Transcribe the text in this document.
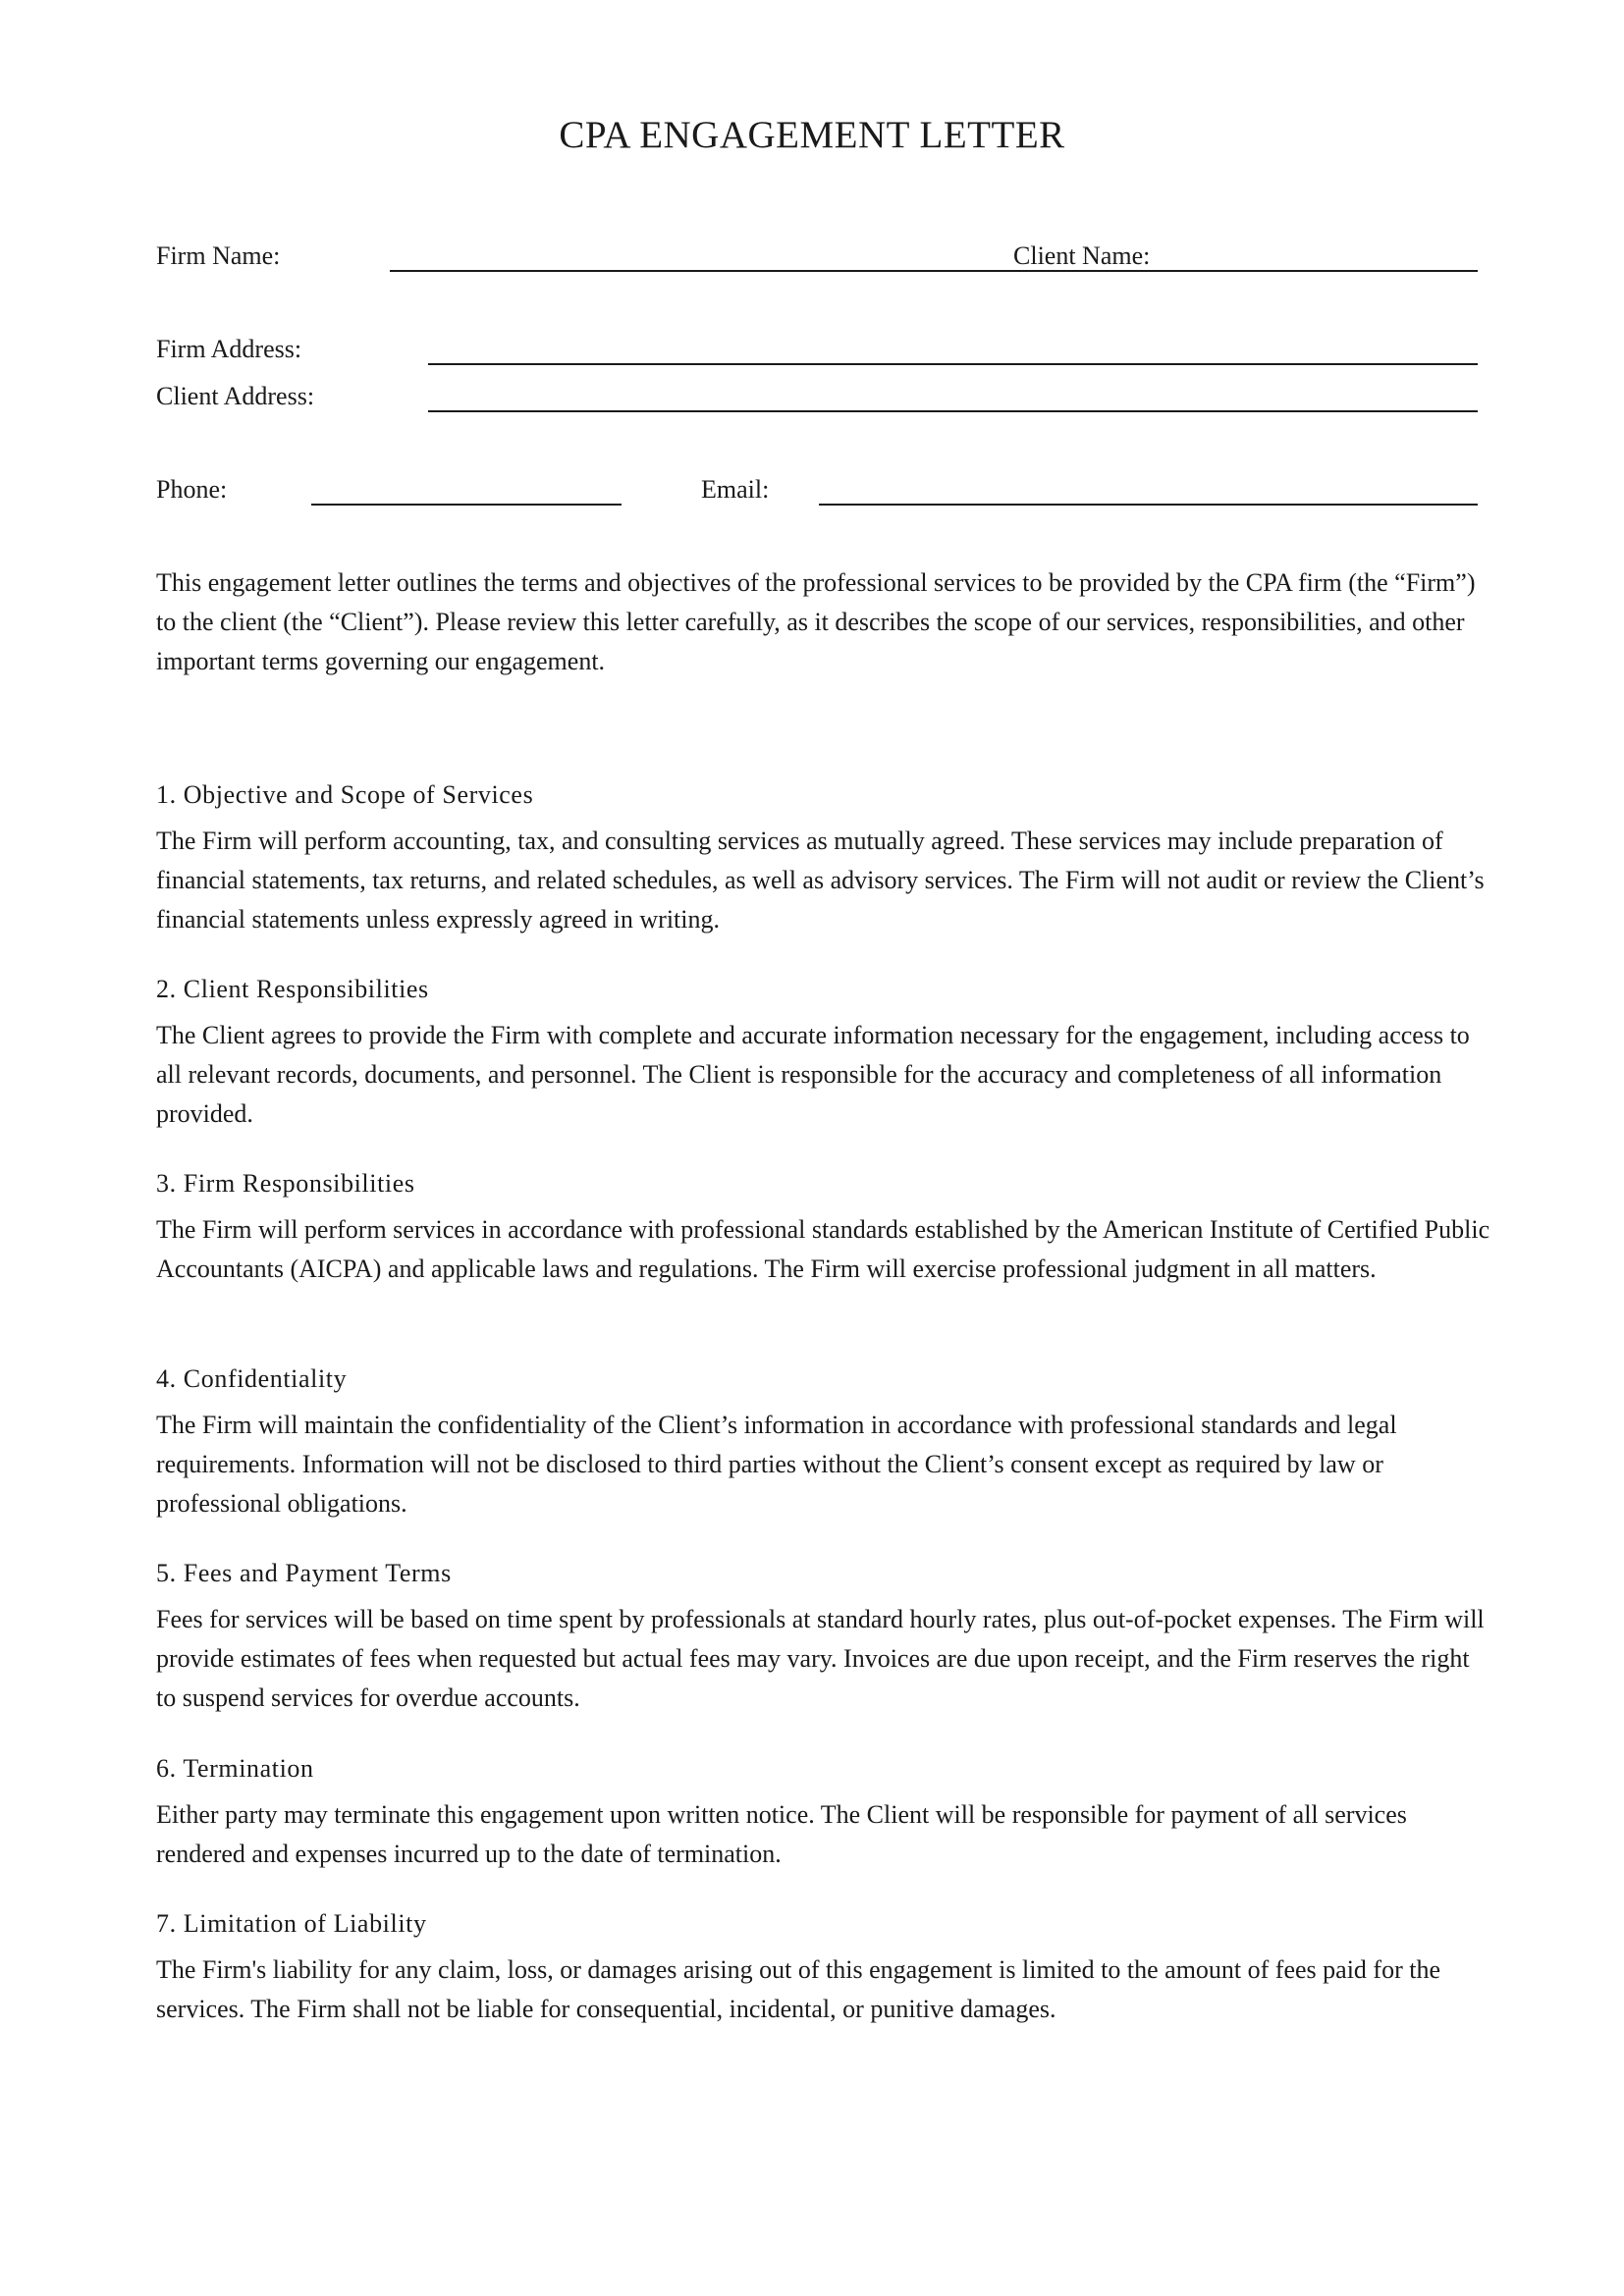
CPA ENGAGEMENT LETTER
Firm Name:	Client Name:
Firm Address:
Client Address:
Phone:	Email:
This engagement letter outlines the terms and objectives of the professional services to be provided by the CPA firm (the “Firm”) to the client (the “Client”). Please review this letter carefully, as it describes the scope of our services, responsibilities, and other important terms governing our engagement.
1. Objective and Scope of Services

The Firm will perform accounting, tax, and consulting services as mutually agreed. These services may include preparation of financial statements, tax returns, and related schedules, as well as advisory services. The Firm will not audit or review the Client’s financial statements unless expressly agreed in writing.

2. Client Responsibilities

The Client agrees to provide the Firm with complete and accurate information necessary for the engagement, including access to all relevant records, documents, and personnel. The Client is responsible for the accuracy and completeness of all information provided.

3. Firm Responsibilities

The Firm will perform services in accordance with professional standards established by the American Institute of Certified Public Accountants (AICPA) and applicable laws and regulations. The Firm will exercise professional judgment in all matters.

4. Confidentiality

The Firm will maintain the confidentiality of the Client’s information in accordance with professional standards and legal requirements. Information will not be disclosed to third parties without the Client’s consent except as required by law or professional obligations.

5. Fees and Payment Terms

Fees for services will be based on time spent by professionals at standard hourly rates, plus out-of-pocket expenses. The Firm will provide estimates of fees when requested but actual fees may vary. Invoices are due upon receipt, and the Firm reserves the right to suspend services for overdue accounts.

6. Termination

Either party may terminate this engagement upon written notice. The Client will be responsible for payment of all services rendered and expenses incurred up to the date of termination.

7. Limitation of Liability

The Firm's liability for any claim, loss, or damages arising out of this engagement is limited to the amount of fees paid for the services. The Firm shall not be liable for consequential, incidental, or punitive damages.
